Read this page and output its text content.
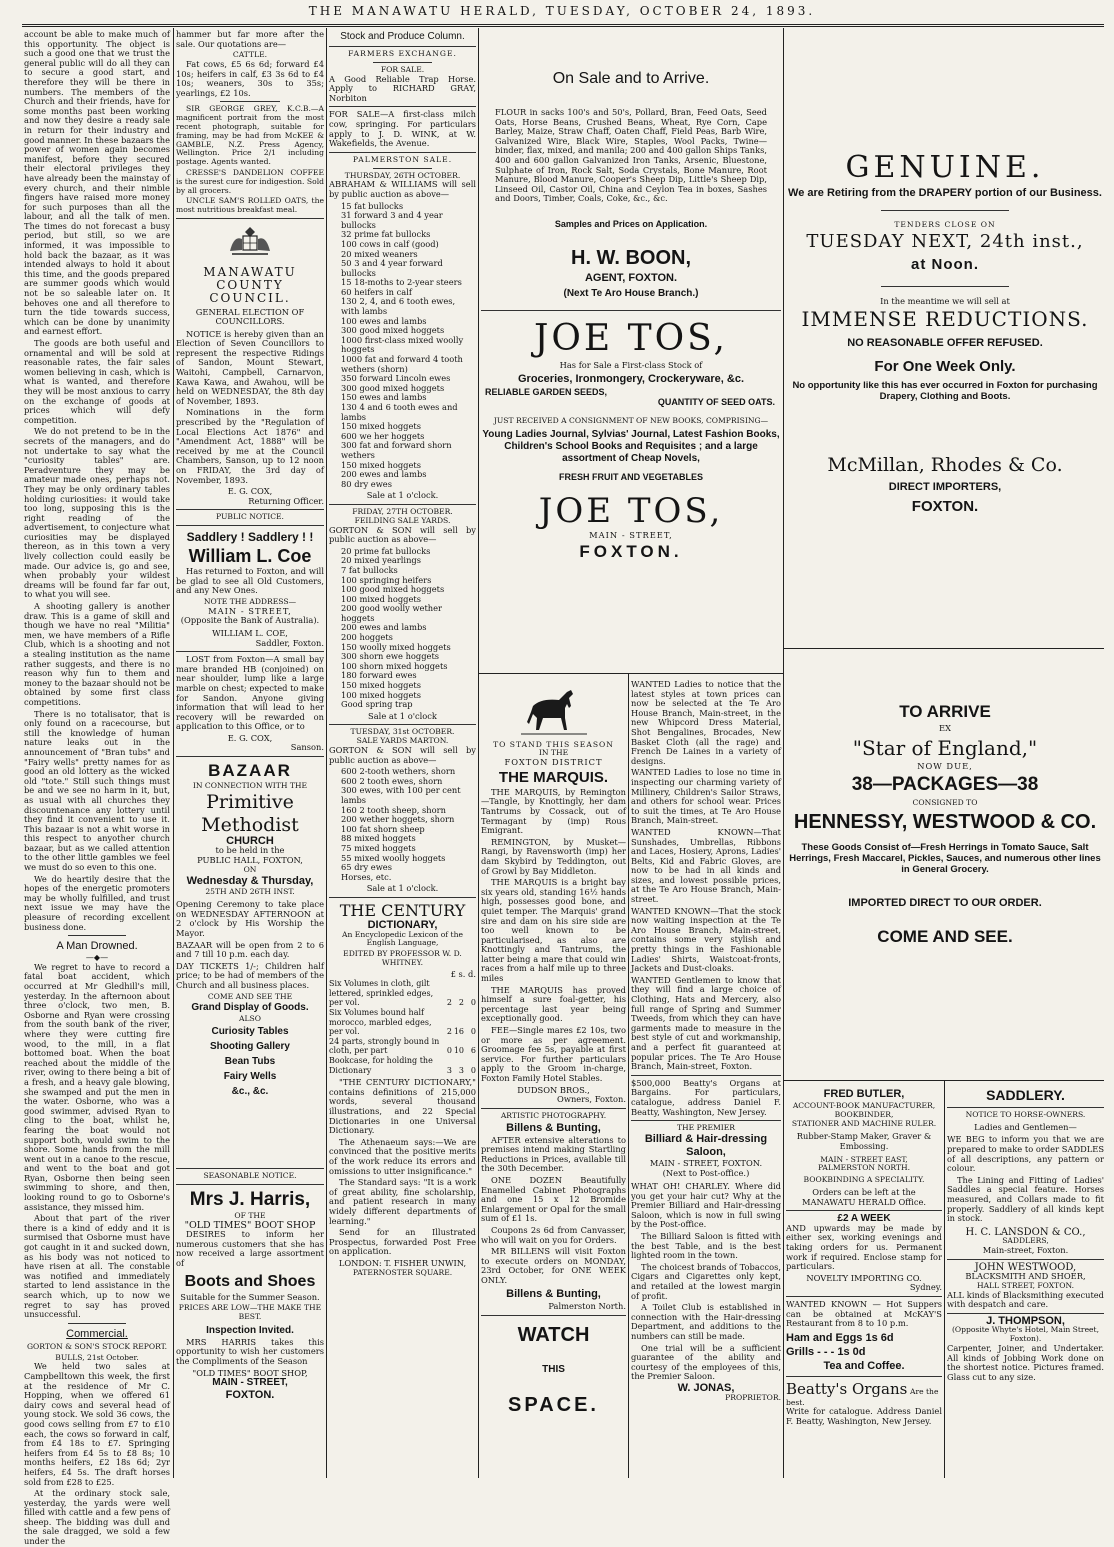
THE MANAWATU HERALD, TUESDAY, OCTOBER 24, 1893.

account be able to make much of this opportunity. The object is such a good one that we trust the general public will do all they can to secure a good start, and therefore they will be there in numbers. The members of the Church and their friends, have for some months past been working and now they desire a ready sale in return for their industry and good manner. In these bazaars the power of women again becomes manifest, before they secured their electoral privileges they have already been the mainstay of every church, and their nimble fingers have raised more money for such purposes than all the labour, and all the talk of men. The times do not forecast a busy period, but still, so we are informed, it was impossible to hold back the bazaar, as it was intended always to hold it about this time, and the goods prepared are summer goods which would not be so saleable later on. It behoves one and all therefore to turn the tide towards success, which can be done by unanimity and earnest effort.

The goods are both useful and ornamental and will be sold at reasonable rates, the fair sales women believing in cash, which is what is wanted, and therefore they will be most anxious to carry on the exchange of goods at prices which will defy competition.

We do not pretend to be in the secrets of the managers, and do not undertake to say what the "curiosity tables" are. Peradventure they may be amateur made ones, perhaps not. They may be only ordinary tables holding curiosities: it would take too long, supposing this is the right reading of the advertisement, to conjecture what curiosities may be displayed thereon, as in this town a very lively collection could easily be made. Our advice is, go and see, when probably your wildest dreams will be found far far out, to what you will see.

A shooting gallery is another draw. This is a game of skill and though we have no real "Militia" men, we have members of a Rifle Club, which is a shooting and not a stealing institution as the name rather suggests, and there is no reason why fun to them and money to the bazaar should not be obtained by some first class competitions.

There is no totalisator, that is only found on a racecourse, but still the knowledge of human nature leaks out in the announcement of "Bran tubs" and "Fairy wells" pretty names for as good an old lottery as the wicked old "tote." Still such things must be and we see no harm in it, but, as usual with all churches they discountenance any lottery until they find it convenient to use it. This bazaar is not a whit worse in this respect to anyother church bazaar, but as we called attention to the other little gambles we feel we must do so even to this one.

We do heartily desire that the hopes of the energetic promoters may be wholly fulfilled, and trust next issue we may have the pleasure of recording excellent business done.

A Man Drowned.
—◆—

We regret to have to record a fatal boat accident, which occurred at Mr Gledhill's mill, yesterday. In the afternoon about three o'clock, two men, B. Osborne and Ryan were crossing from the south bank of the river, where they were cutting fire wood, to the mill, in a flat bottomed boat. When the boat reached about the middle of the river, owing to there being a bit of a fresh, and a heavy gale blowing, she swamped and put the men in the water. Osborne, who was a good swimmer, advised Ryan to cling to the boat, whilst he, fearing the boat would not support both, would swim to the shore. Some hands from the mill went out in a canoe to the rescue, and went to the boat and got Ryan, Osborne then being seen swimming to shore, and then, looking round to go to Osborne's assistance, they missed him.

About that part of the river there is a kind of eddy and it is surmised that Osborne must have got caught in it and sucked down, as his body was not noticed to have risen at all. The constable was notified and immediately started to lend assistance in the search which, up to now we regret to say has proved unsuccessful.

Commercial.
GORTON & SON'S STOCK REPORT.
BULLS, 21st October.

We held two sales at Campbelltown this week, the first at the residence of Mr C. Hopping, when we offered 61 dairy cows and several head of young stock. We sold 36 cows, the good cows selling from £7 to £10 each, the cows so forward in calf, from £4 18s to £7. Springing heifers from £4 5s to £8 8s; 10 months heifers, £2 18s 6d; 2yr heifers, £4 5s. The draft horses sold from £28 to £25.

At the ordinary stock sale, yesterday, the yards were well filled with cattle and a few pens of sheep. The bidding was dull and the sale dragged, we sold a few under the

hammer but far more after the sale. Our quotations are—

CATTLE.

Fat cows, £5 6s 6d; forward £4 10s; heifers in calf, £3 3s 6d to £4 10s; weaners, 30s to 35s; yearlings, £2 10s.

SIR GEORGE GREY, K.C.B.—A magnificent portrait from the most recent photograph, suitable for framing, may be had from McKEE & GAMBLE, N.Z. Press Agency, Wellington. Price 2/1 including postage. Agents wanted.

CRESSE'S DANDELION COFFEE is the surest cure for indigestion. Sold by all grocers.

UNCLE SAM'S ROLLED OATS, the most nutritious breakfast meal.

MANAWATU COUNTY COUNCIL.
GENERAL ELECTION OF COUNCILLORS.

NOTICE is hereby given than an Election of Seven Councillors to represent the respective Ridings of Sandon, Mount Stewart, Waitohi, Campbell, Carnarvon, Kawa Kawa, and Awahou, will be held on WEDNESDAY, the 8th day of November, 1893.

Nominations in the form prescribed by the "Regulation of Local Elections Act 1876" and "Amendment Act, 1888" will be received by me at the Council Chambers, Sanson, up to 12 noon on FRIDAY, the 3rd day of November, 1893.

E. G. COX,
Returning Officer.
PUBLIC NOTICE.
Saddlery ! Saddlery ! !
William L. Coe

Has returned to Foxton, and will be glad to see all Old Customers, and any New Ones.

NOTE THE ADDRESS—
MAIN - STREET,
(Opposite the Bank of Australia).
WILLIAM L. COE,
Saddler, Foxton.

LOST from Foxton—A small bay mare branded HB (conjoined) on near shoulder, lump like a large marble on chest; expected to make for Sandon. Anyone giving information that will lead to her recovery will be rewarded on application to this Office, or to

E. G. COX,
Sanson.
BAZAAR
IN CONNECTION WITH THE
Primitive Methodist
CHURCH
to be held in the
PUBLIC HALL, FOXTON,
ON
Wednesday & Thursday,
25TH AND 26TH INST.

Opening Ceremony to take place on WEDNESDAY AFTERNOON at 2 o'clock by His Worship the Mayor.

BAZAAR will be open from 2 to 6 and 7 till 10 p.m. each day.

DAY TICKETS 1/-; Children half price; to be had of members of the Church and all business places.

COME AND SEE THE
Grand Display of Goods.
ALSO
Curiosity Tables
Shooting Gallery
Bean Tubs
Fairy Wells
&c., &c.
SEASONABLE NOTICE.
Mrs J. Harris,
OF THE
"OLD TIMES" BOOT SHOP

DESIRES to inform her numerous customers that she has now received a large assortment of

Boots and Shoes
Suitable for the Summer Season.
PRICES ARE LOW—THE MAKE THE BEST.
Inspection Invited.

MRS HARRIS takes this opportunity to wish her customers the Compliments of the Season

"OLD TIMES" BOOT SHOP,
MAIN - STREET,
FOXTON.
Stock and Produce Column.
FARMERS EXCHANGE.
FOR SALE.

A Good Reliable Trap Horse. Apply to RICHARD GRAY, Norbiton

FOR SALE—A first-class milch cow, springing. For particulars apply to J. D. WINK, at W. Wakefields, the Avenue.

PALMERSTON SALE.
THURSDAY, 26TH OCTOBER.

ABRAHAM & WILLIAMS will sell by public auction as above—

15 fat bullocks
31 forward 3 and 4 year bullocks
32 prime fat bullocks
100 cows in calf (good)
20 mixed weaners
50 3 and 4 year forward bullocks
15 18-moths to 2-year steers
60 heifers in calf
130 2, 4, and 6 tooth ewes, with lambs
100 ewes and lambs
300 good mixed hoggets
1000 first-class mixed woolly hoggets
1000 fat and forward 4 tooth wethers (shorn)
350 forward Lincoln ewes
300 good mixed hoggets
150 ewes and lambs
130 4 and 6 tooth ewes and lambs
150 mixed hoggets
600 we her hoggets
300 fat and forward shorn wethers
150 mixed hoggets
200 ewes and lambs
80 dry ewes
Sale at 1 o'clock.
FRIDAY, 27TH OCTOBER.
FEILDING SALE YARDS.

GORTON & SON will sell by public auction as above—

20 prime fat bullocks
20 mixed yearlings
7 fat bullocks
100 springing heifers
100 good mixed hoggets
100 mixed hoggets
200 good woolly wether hoggets
200 ewes and lambs
200 hoggets
150 woolly mixed hoggets
300 shorn ewe hoggets
100 shorn mixed hoggets
180 forward ewes
150 mixed hoggets
100 mixed hoggets
Good spring trap
Sale at 1 o'clock
TUESDAY, 31st OCTOBER.
SALE YARDS MARTON.

GORTON & SON will sell by public auction as above—

600 2-tooth wethers, shorn
600 2 tooth ewes, shorn
300 ewes, with 100 per cent lambs
160 2 tooth sheep, shorn
200 wether hoggets, shorn
100 fat shorn sheep
88 mixed hoggets
75 mixed hoggets
55 mixed woolly hoggets
65 dry ewes
Horses, etc.
Sale at 1 o'clock.
THE CENTURY
DICTIONARY,
An Encyclopedic Lexicon of the English Language,
EDITED BY PROFESSOR W. D. WHITNEY.
£ s. d.
Six Volumes in cloth, gilt lettered, sprinkled edges, per vol.	2	2	0
Six Volumes bound half morocco, marbled edges, per vol.	2	16	0
24 parts, strongly bound in cloth, per part	0	10	6
Bookcase, for holding the Dictionary	3	3	0

"THE CENTURY DICTIONARY," contains definitions of 215,000 words, several thousand illustrations, and 22 Special Dictionaries in one Universal Dictionary.

The Athenaeum says:—We are convinced that the positive merits of the work reduce its errors and omissions to utter insignificance."

The Standard says: "It is a work of great ability, fine scholarship, and patient research in many widely different departments of learning."

Send for an Illustrated Prospectus, forwarded Post Free on application.

LONDON: T. FISHER UNWIN,
PATERNOSTER SQUARE.
On Sale and to Arrive.

FLOUR in sacks 100's and 50's, Pollard, Bran, Feed Oats, Seed Oats, Horse Beans, Crushed Beans, Wheat, Rye Corn, Cape Barley, Maize, Straw Chaff, Oaten Chaff, Field Peas, Barb Wire, Galvanized Wire, Black Wire, Staples, Wool Packs, Twine—binder, flax, mixed, and manila; 200 and 400 gallon Ships Tanks, 400 and 600 gallon Galvanized Iron Tanks, Arsenic, Bluestone, Sulphate of Iron, Rock Salt, Soda Crystals, Bone Manure, Root Manure, Blood Manure, Cooper's Sheep Dip, Little's Sheep Dip, Linseed Oil, Castor Oil, China and Ceylon Tea in boxes, Sashes and Doors, Timber, Coals, Coke, &c., &c.

Samples and Prices on Application.
H. W. BOON,
AGENT, FOXTON.
(Next Te Aro House Branch.)
JOE TOS,
Has for Sale a First-class Stock of
Groceries, Ironmongery, Crockeryware, &c.
RELIABLE GARDEN SEEDS,
QUANTITY OF SEED OATS.
JUST RECEIVED A CONSIGNMENT OF NEW BOOKS, COMPRISING—
Young Ladies Journal, Sylvias' Journal, Latest Fashion Books, Children's School Books and Requisites ; and a large assortment of Cheap Novels,
FRESH FRUIT AND VEGETABLES
JOE TOS,
MAIN - STREET,
FOXTON.
TO STAND THIS SEASON
IN THE
FOXTON DISTRICT
THE MARQUIS.

THE MARQUIS, by Remington—Tangle, by Knottingly, her dam Tantrums by Cossack, out of Termagant by (imp) Rous Emigrant.

REMINGTON, by Musket—Rangi, by Ravensworth (imp) her dam Skybird by Teddington, out of Growl by Bay Middleton.

THE MARQUIS is a bright bay six years old, standing 16½ hands high, possesses good bone, and quiet temper. The Marquis' grand sire and dam on his sire side are too well known to be particularised, as also are Knottingly and Tantrums, the latter being a mare that could win races from a half mile up to three miles

THE MARQUIS has proved himself a sure foal-getter, his percentage last year being exceptionally good.

FEE—Single mares £2 10s, two or more as per agreement. Groomage fee 5s, payable at first service. For further particulars apply to the Groom in-charge, Foxton Family Hotel Stables.

DUDSON BROS.,
Owners, Foxton.
ARTISTIC PHOTOGRAPHY.
Billens & Bunting,

AFTER extensive alterations to premises intend making Startling Reductions in Prices, available till the 30th December.

ONE DOZEN Beautifully Enamelled Cabinet Photographs and one 15 x 12 Bromide Enlargement or Opal for the small sum of £1 1s.

Coupons 2s 6d from Canvasser, who will wait on you for Orders.

MR BILLENS will visit Foxton to execute orders on MONDAY, 23rd October, for ONE WEEK ONLY.

Billens & Bunting,
Palmerston North.
WATCH
THIS
SPACE.

WANTED Ladies to notice that the latest styles at town prices can now be selected at the Te Aro House Branch, Main-street, in the new Whipcord Dress Material, Shot Bengalines, Brocades, New Basket Cloth (all the rage) and French De Laines in a variety of designs.

WANTED Ladies to lose no time in inspecting our charming variety of Millinery, Children's Sailor Straws, and others for school wear. Prices to suit the times, at Te Aro House Branch, Main-street.

WANTED KNOWN—That Sunshades, Umbrellas, Ribbons and Laces, Hosiery, Aprons, Ladies' Belts, Kid and Fabric Gloves, are now to be had in all kinds and sizes, and lowest possible prices, at the Te Aro House Branch, Main-street.

WANTED KNOWN—That the stock now waiting inspection at the Te Aro House Branch, Main-street, contains some very stylish and pretty things in the Fashionable Ladies' Shirts, Waistcoat-fronts, Jackets and Dust-cloaks.

WANTED Gentlemen to know that they will find a large choice of Clothing, Hats and Mercery, also full range of Spring and Summer Tweeds, from which they can have garments made to measure in the best style of cut and workmanship, and a perfect fit guaranteed at popular prices. The Te Aro House Branch, Main-street, Foxton.

$500,000 Beatty's Organs at Bargains. For particulars, catalogue, address Daniel F. Beatty, Washington, New Jersey.

THE PREMIER
Billiard & Hair-dressing Saloon,
MAIN - STREET, FOXTON.
(Next to Post-office.)

WHAT OH! CHARLEY. Where did you get your hair cut? Why at the Premier Billiard and Hair-dressing Saloon, which is now in full swing by the Post-office.

The Billiard Saloon is fitted with the best Table, and is the best lighted room in the town.

The choicest brands of Tobaccos, Cigars and Cigarettes only kept, and retailed at the lowest margin of profit.

A Toilet Club is established in connection with the Hair-dressing Department, and additions to the numbers can still be made.

One trial will be a sufficient guarantee of the ability and courtesy of the employees of this, the Premier Saloon.

W. JONAS,
PROPRIETOR.
GENUINE.
We are Retiring from the DRAPERY portion of our Business.
TENDERS CLOSE ON
TUESDAY NEXT, 24th inst.,
at Noon.
In the meantime we will sell at
IMMENSE REDUCTIONS.
NO REASONABLE OFFER REFUSED.
For One Week Only.
No opportunity like this has ever occurred in Foxton for purchasing Drapery, Clothing and Boots.
McMillan, Rhodes & Co.
DIRECT IMPORTERS,
FOXTON.
TO ARRIVE
EX
"Star of England,"
NOW DUE,
38—PACKAGES—38
CONSIGNED TO
HENNESSY, WESTWOOD & CO.
These Goods Consist of—Fresh Herrings in Tomato Sauce, Salt Herrings, Fresh Maccarel, Pickles, Sauces, and numerous other lines in General Grocery.
IMPORTED DIRECT TO OUR ORDER.
COME AND SEE.
FRED BUTLER,
ACCOUNT-BOOK MANUFACTURER,
BOOKBINDER,
STATIONER AND MACHINE RULER.
Rubber-Stamp Maker, Graver & Embossing.
MAIN - STREET EAST,
PALMERSTON NORTH.
BOOKBINDING A SPECIALITY.
Orders can be left at the MANAWATU HERALD Office.
£2 A WEEK

AND upwards may be made by either sex, working evenings and taking orders for us. Permanent work if required. Enclose stamp for particulars.

NOVELTY IMPORTING CO.
Sydney.

WANTED KNOWN — Hot Suppers can be obtained at McKAY'S Restaurant from 8 to 10 p.m.

Ham and Eggs 1s 6d
Grills - - - 1s 0d
Tea and Coffee.
Beatty's Organs Are the best.

Write for catalogue. Address Daniel F. Beatty, Washington, New Jersey.

SADDLERY.
NOTICE TO HORSE-OWNERS.
Ladies and Gentlemen—

WE BEG to inform you that we are prepared to make to order SADDLES of all descriptions, any pattern or colour.

The Lining and Fitting of Ladies' Saddles a special feature. Horses measured, and Collars made to fit properly. Saddlery of all kinds kept in stock.

H. C. LANSDON & CO.,
SADDLERS,
Main-street, Foxton.
JOHN WESTWOOD,
BLACKSMITH AND SHOER,
HALL STREET, FOXTON.

ALL kinds of Blacksmithing executed with despatch and care.

J. THOMPSON,
(Opposite Whyte's Hotel, Main Street, Foxton).

Carpenter, Joiner, and Undertaker. All kinds of Jobbing Work done on the shortest notice. Pictures framed. Glass cut to any size.
